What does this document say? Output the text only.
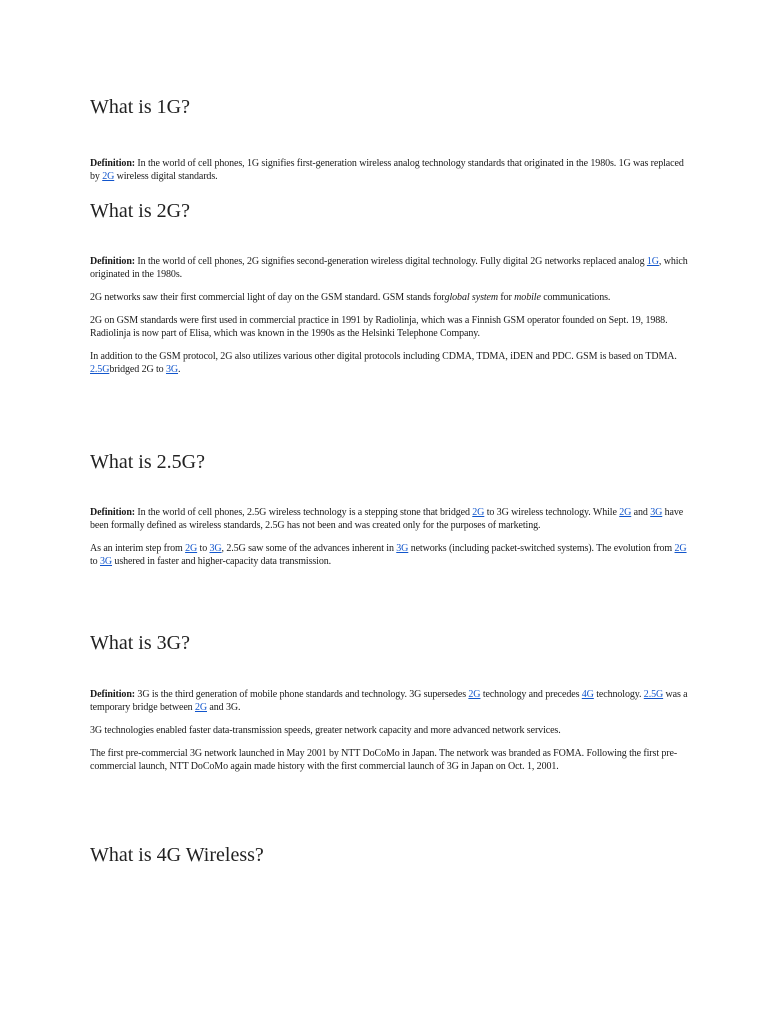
What is 1G?

Definition: In the world of cell phones, 1G signifies first-generation wireless analog technology standards that originated in the 1980s. 1G was replaced by 2G wireless digital standards.

What is 2G?

Definition: In the world of cell phones, 2G signifies second-generation wireless digital technology. Fully digital 2G networks replaced analog 1G, which originated in the 1980s.

2G networks saw their first commercial light of day on the GSM standard. GSM stands forglobal system for mobile communications.

2G on GSM standards were first used in commercial practice in 1991 by Radiolinja, which was a Finnish GSM operator founded on Sept. 19, 1988. Radiolinja is now part of Elisa, which was known in the 1990s as the Helsinki Telephone Company.

In addition to the GSM protocol, 2G also utilizes various other digital protocols including CDMA, TDMA, iDEN and PDC. GSM is based on TDMA. 2.5Gbridged 2G to 3G.

What is 2.5G?

Definition: In the world of cell phones, 2.5G wireless technology is a stepping stone that bridged 2G to 3G wireless technology. While 2G and 3G have been formally defined as wireless standards, 2.5G has not been and was created only for the purposes of marketing.

As an interim step from 2G to 3G, 2.5G saw some of the advances inherent in 3G networks (including packet-switched systems). The evolution from 2G to 3G ushered in faster and higher-capacity data transmission.

What is 3G?

Definition: 3G is the third generation of mobile phone standards and technology. 3G supersedes 2G technology and precedes 4G technology. 2.5G was a temporary bridge between 2G and 3G.

3G technologies enabled faster data-transmission speeds, greater network capacity and more advanced network services.

The first pre-commercial 3G network launched in May 2001 by NTT DoCoMo in Japan. The network was branded as FOMA. Following the first pre-commercial launch, NTT DoCoMo again made history with the first commercial launch of 3G in Japan on Oct. 1, 2001.

What is 4G Wireless?
